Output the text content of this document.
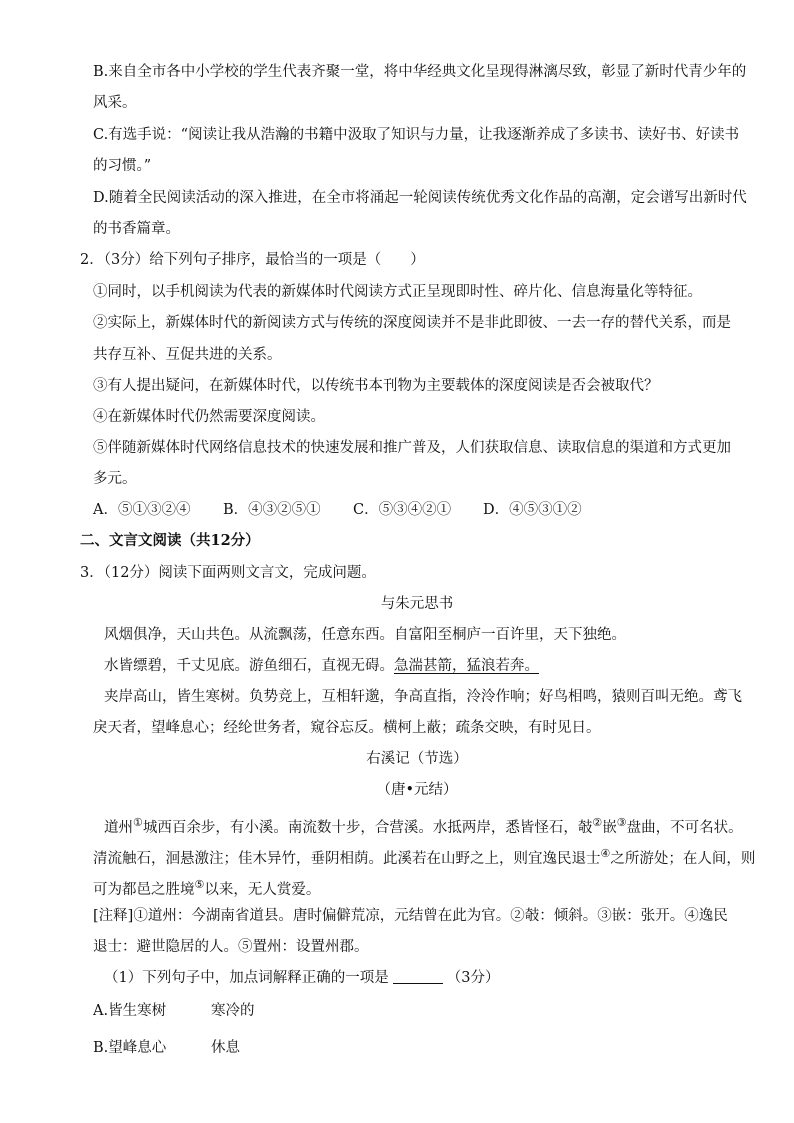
B.来自全市各中小学校的学生代表齐聚一堂，将中华经典文化呈现得淋漓尽致，彰显了新时代青少年的
风采。
C.有选手说：“阅读让我从浩瀚的书籍中汲取了知识与力量，让我逐渐养成了多读书、读好书、好读书
的习惯。”
D.随着全民阅读活动的深入推进，在全市将涌起一轮阅读传统优秀文化作品的高潮，定会谱写出新时代
的书香篇章。
2．（3分）给下列句子排序，最恰当的一项是（　　）
①同时，以手机阅读为代表的新媒体时代阅读方式正呈现即时性、碎片化、信息海量化等特征。
②实际上，新媒体时代的新阅读方式与传统的深度阅读并不是非此即彼、一去一存的替代关系，而是
共存互补、互促共进的关系。
③有人提出疑问，在新媒体时代，以传统书本刊物为主要载体的深度阅读是否会被取代？
④在新媒体时代仍然需要深度阅读。
⑤伴随新媒体时代网络信息技术的快速发展和推广普及，人们获取信息、读取信息的渠道和方式更加
多元。
A．⑤①③②④ B．④③②⑤① C．⑤③④②① D．④⑤③①②
二、文言文阅读（共12分）
3．（12分）阅读下面两则文言文，完成问题。
与朱元思书
风烟俱净，天山共色。从流飘荡，任意东西。自富阳至桐庐一百许里，天下独绝。
水皆缥碧，千丈见底。游鱼细石，直视无碍。急湍甚箭，猛浪若奔。
夹岸高山，皆生寒树。负势竞上，互相轩邈，争高直指，泠泠作响；好鸟相鸣，猿则百叫无绝。鸢飞
戾天者，望峰息心；经纶世务者，窥谷忘反。横柯上蔽；疏条交映，有时见日。
右溪记（节选）
（唐•元结）
道州①城西百余步，有小溪。南流数十步，合营溪。水抵两岸，悉皆怪石，攲②嵌③盘曲，不可名状。
清流触石，洄悬激注；佳木异竹，垂阴相荫。此溪若在山野之上，则宜逸民退士④之所游处；在人间，则
可为都邑之胜境⑤以来，无人赏爱。
[注释]①道州：今湖南省道县。唐时偏僻荒凉，元结曾在此为官。②攲：倾斜。③嵌：张开。④逸民
退士：避世隐居的人。⑤置州：设置州郡。
（1）下列句子中，加点词解释正确的一项是	（3分）
A.皆生寒树	寒冷的
B.望峰息心	休息
